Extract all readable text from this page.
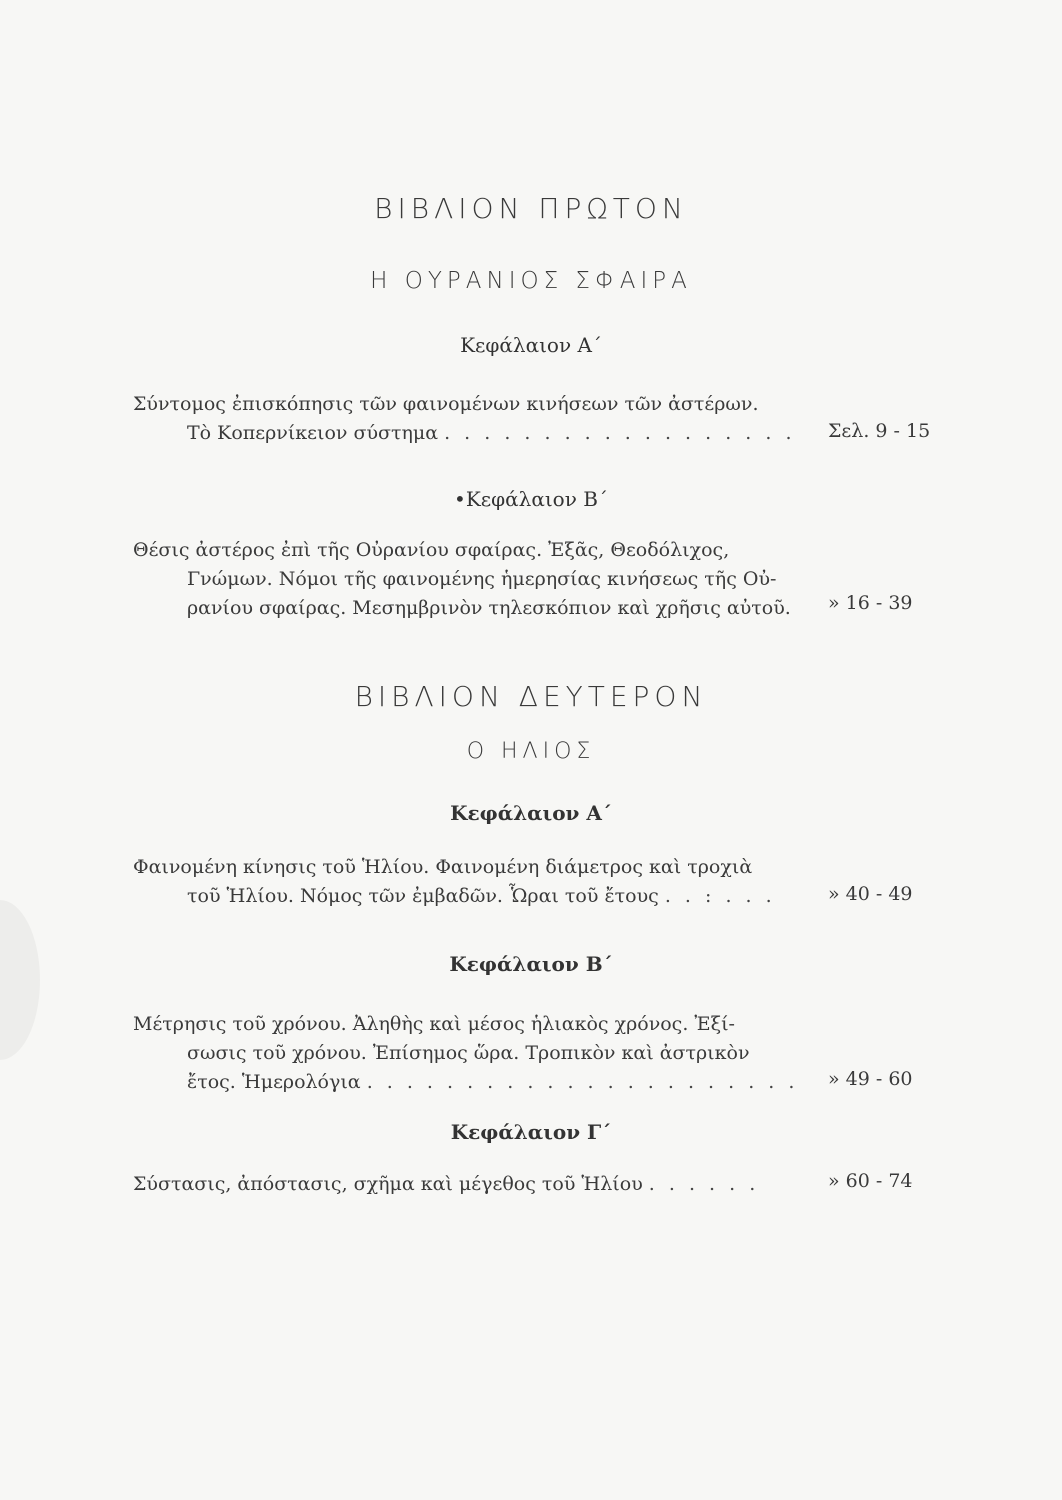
ΒΙΒΛΙΟΝ ΠΡΩΤΟΝ
Η ΟΥΡΑΝΙΟΣ ΣΦΑΙΡΑ
Κεφάλαιον Α΄
Σύντομος ἐπισκόπησις τῶν φαινομένων κινήσεων τῶν ἀστέρων.
Τὸ Κοπερνίκειον σύστημα . . . . . . . . . . . . . . . . . .	Σελ. 9 - 15
•Κεφάλαιον Β΄
Θέσις ἀστέρος ἐπὶ τῆς Οὐρανίου σφαίρας. Ἐξᾶς, Θεοδόλιχος,
Γνώμων. Νόμοι τῆς φαινομένης ἡμερησίας κινήσεως τῆς Οὐ-
ρανίου σφαίρας. Μεσημβρινὸν τηλεσκόπιον καὶ χρῆσις αὐτοῦ.	» 16 - 39
ΒΙΒΛΙΟΝ ΔΕΥΤΕΡΟΝ
Ο ΗΛΙΟΣ
Κεφάλαιον Α΄
Φαινομένη κίνησις τοῦ Ἡλίου. Φαινομένη διάμετρος καὶ τροχιὰ
τοῦ Ἡλίου. Νόμος τῶν ἐμβαδῶν. Ὧραι τοῦ ἔτους . . : . . .	» 40 - 49
Κεφάλαιον Β΄
Μέτρησις τοῦ χρόνου. Ἀληθὴς καὶ μέσος ἡλιακὸς χρόνος. Ἐξί-
σωσις τοῦ χρόνου. Ἐπίσημος ὥρα. Τροπικὸν καὶ ἀστρικὸν
ἔτος. Ἡμερολόγια . . . . . . . . . . . . . . . . . . . . . .	» 49 - 60
Κεφάλαιον Γ΄
Σύστασις, ἀπόστασις, σχῆμα καὶ μέγεθος τοῦ Ἡλίου . . . . . .	» 60 - 74
